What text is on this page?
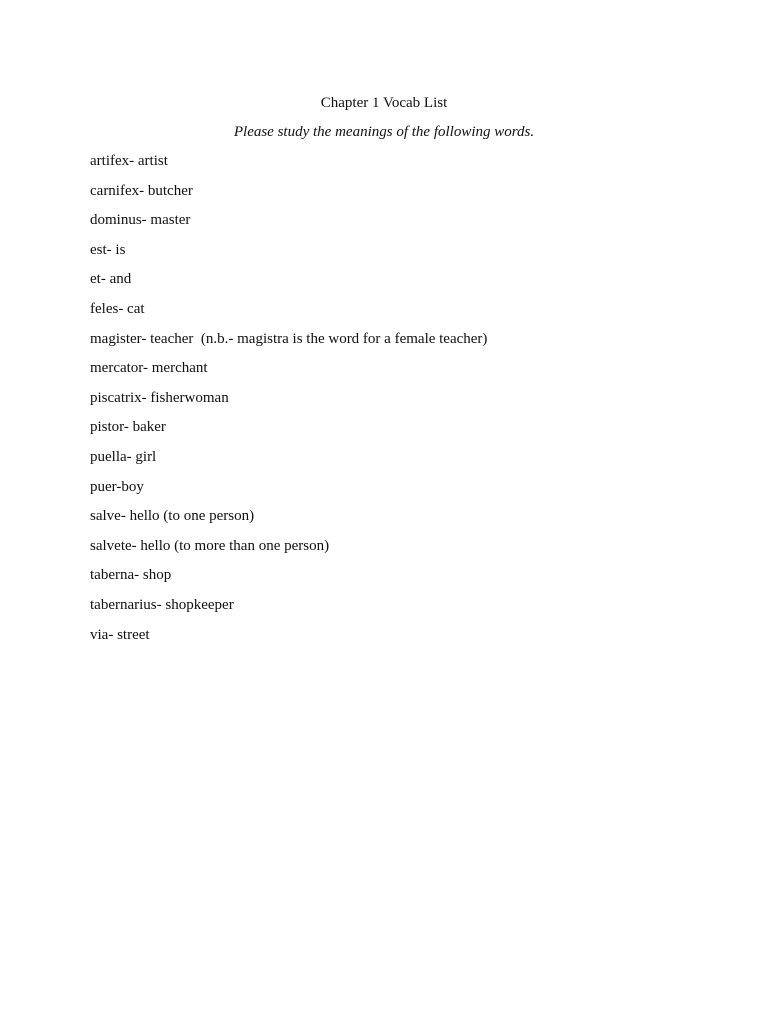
Chapter 1 Vocab List
Please study the meanings of the following words.
artifex- artist
carnifex- butcher
dominus- master
est- is
et- and
feles- cat
magister- teacher  (n.b.- magistra is the word for a female teacher)
mercator- merchant
piscatrix- fisherwoman
pistor- baker
puella- girl
puer-boy
salve- hello (to one person)
salvete- hello (to more than one person)
taberna- shop
tabernarius- shopkeeper
via- street
